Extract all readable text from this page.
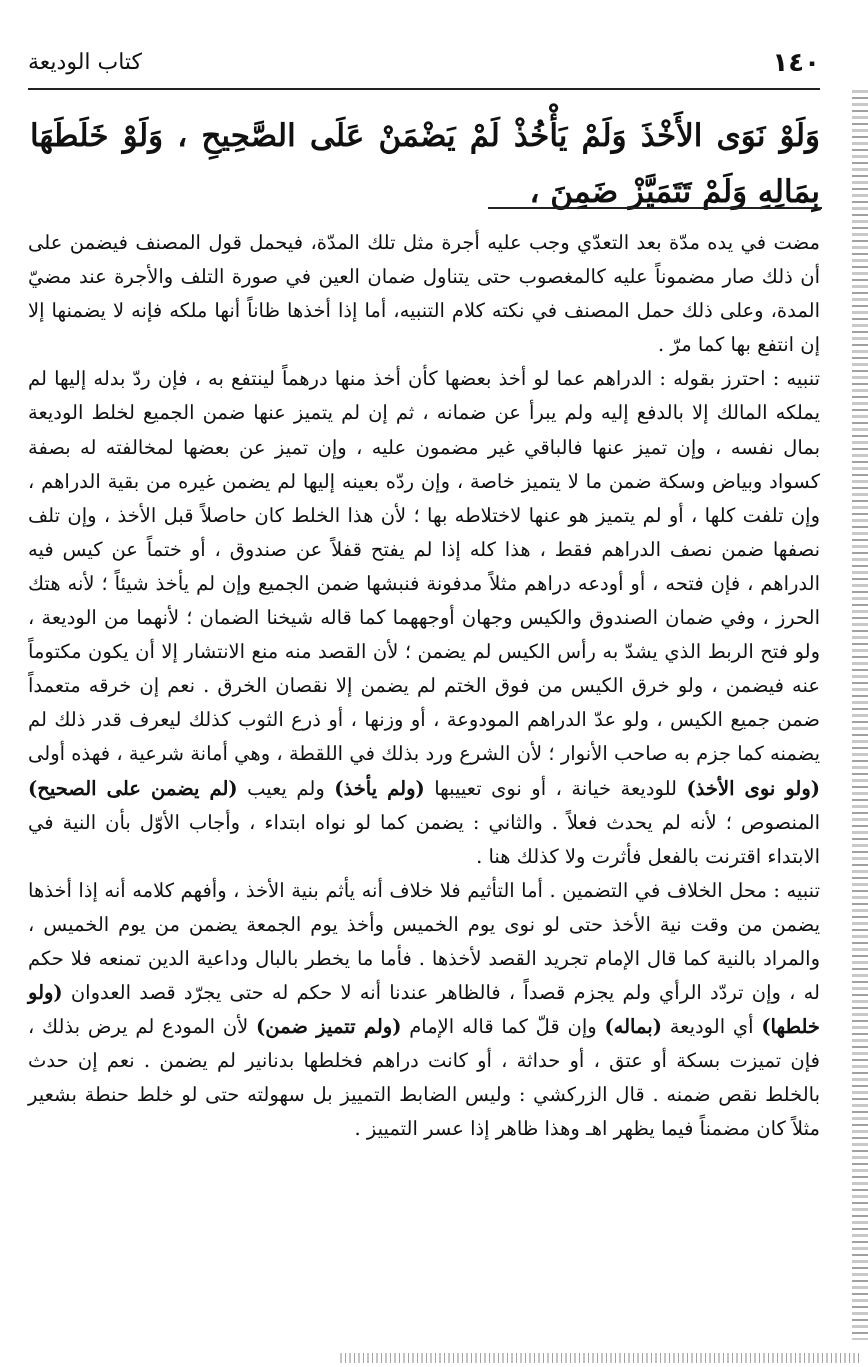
١٤٠
كتاب الوديعة
وَلَوْ نَوَى الأَخْذَ وَلَمْ يَأْخُذْ لَمْ يَضْمَنْ عَلَى الصَّحِيحِ ، وَلَوْ خَلَطَهَا بِمَالِهِ وَلَمْ تَتَمَيَّزْ ضَمِنَ ،

مضت في يده مدّة بعد التعدّي وجب عليه أجرة مثل تلك المدّة، فيحمل قول المصنف فيضمن على أن ذلك صار مضموناً عليه كالمغصوب حتى يتناول ضمان العين في صورة التلف والأجرة عند مضيّ المدة، وعلى ذلك حمل المصنف في نكته كلام التنبيه، أما إذا أخذها ظاناً أنها ملكه فإنه لا يضمنها إلا إن انتفع بها كما مرّ .

تنبيه : احترز بقوله : الدراهم عما لو أخذ بعضها كأن أخذ منها درهماً لينتفع به ، فإن ردّ بدله إليها لم يملكه المالك إلا بالدفع إليه ولم يبرأ عن ضمانه ، ثم إن لم يتميز عنها ضمن الجميع لخلط الوديعة بمال نفسه ، وإن تميز عنها فالباقي غير مضمون عليه ، وإن تميز عن بعضها لمخالفته له بصفة كسواد وبياض وسكة ضمن ما لا يتميز خاصة ، وإن ردّه بعينه إليها لم يضمن غيره من بقية الدراهم ، وإن تلفت كلها ، أو لم يتميز هو عنها لاختلاطه بها ؛ لأن هذا الخلط كان حاصلاً قبل الأخذ ، وإن تلف نصفها ضمن نصف الدراهم فقط ، هذا كله إذا لم يفتح قفلاً عن صندوق ، أو ختماً عن كيس فيه الدراهم ، فإن فتحه ، أو أودعه دراهم مثلاً مدفونة فنبشها ضمن الجميع وإن لم يأخذ شيئاً ؛ لأنه هتك الحرز ، وفي ضمان الصندوق والكيس وجهان أوجههما كما قاله شيخنا الضمان ؛ لأنهما من الوديعة ، ولو فتح الربط الذي يشدّ به رأس الكيس لم يضمن ؛ لأن القصد منه منع الانتشار إلا أن يكون مكتوماً عنه فيضمن ، ولو خرق الكيس من فوق الختم لم يضمن إلا نقصان الخرق . نعم إن خرقه متعمداً ضمن جميع الكيس ، ولو عدّ الدراهم المودوعة ، أو وزنها ، أو ذرع الثوب كذلك ليعرف قدر ذلك لم يضمنه كما جزم به صاحب الأنوار ؛ لأن الشرع ورد بذلك في اللقطة ، وهي أمانة شرعية ، فهذه أولى (ولو نوى الأخذ) للوديعة خيانة ، أو نوى تعييبها (ولم يأخذ) ولم يعيب (لم يضمن على الصحيح) المنصوص ؛ لأنه لم يحدث فعلاً . والثاني : يضمن كما لو نواه ابتداء ، وأجاب الأوّل بأن النية في الابتداء اقترنت بالفعل فأثرت ولا كذلك هنا .

تنبيه : محل الخلاف في التضمين . أما التأثيم فلا خلاف أنه يأثم بنية الأخذ ، وأفهم كلامه أنه إذا أخذها يضمن من وقت نية الأخذ حتى لو نوى يوم الخميس وأخذ يوم الجمعة يضمن من يوم الخميس ، والمراد بالنية كما قال الإمام تجريد القصد لأخذها . فأما ما يخطر بالبال وداعية الدين تمنعه فلا حكم له ، وإن تردّد الرأي ولم يجزم قصداً ، فالظاهر عندنا أنه لا حكم له حتى يجرّد قصد العدوان (ولو خلطها) أي الوديعة (بماله) وإن قلّ كما قاله الإمام (ولم تتميز ضمن) لأن المودع لم يرض بذلك ، فإن تميزت بسكة أو عتق ، أو حداثة ، أو كانت دراهم فخلطها بدنانير لم يضمن . نعم إن حدث بالخلط نقص ضمنه . قال الزركشي : وليس الضابط التمييز بل سهولته حتى لو خلط حنطة بشعير مثلاً كان مضمناً فيما يظهر اهـ وهذا ظاهر إذا عسر التمييز .
